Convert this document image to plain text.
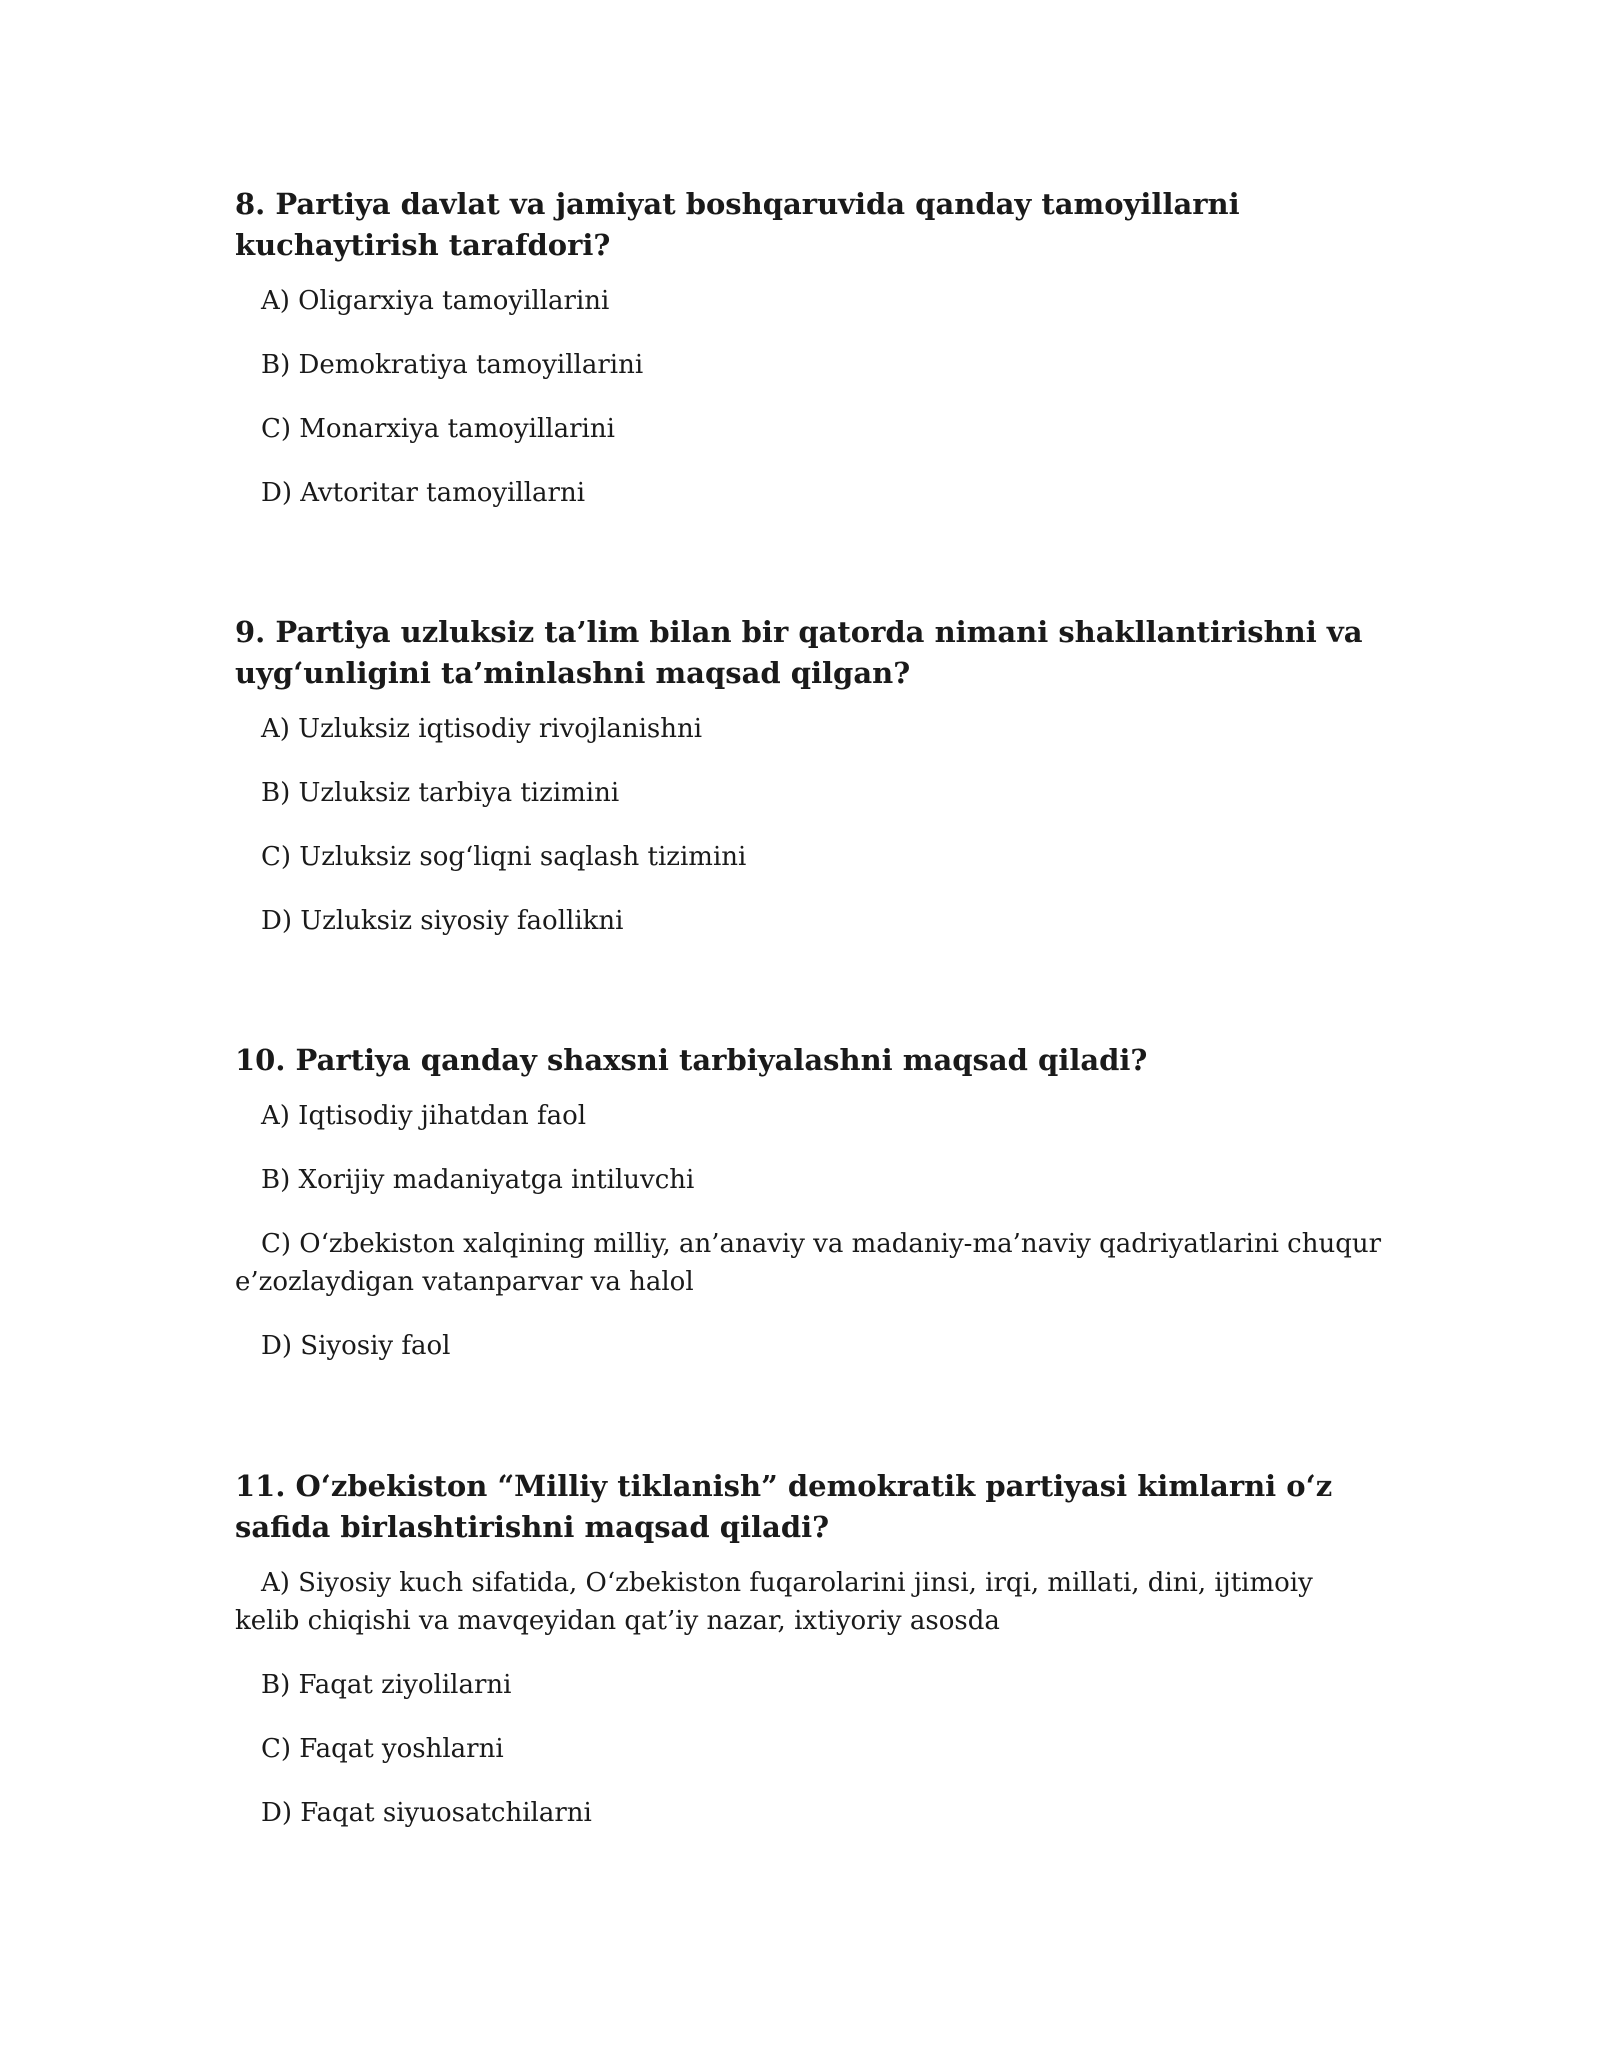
8. Partiya davlat va jamiyat boshqaruvida qanday tamoyillarni kuchaytirish tarafdori?
A) Oligarxiya tamoyillarini
B) Demokratiya tamoyillarini
C) Monarxiya tamoyillarini
D) Avtoritar tamoyillarni
9. Partiya uzluksiz ta’lim bilan bir qatorda nimani shakllantirishni va uyg‘unligini ta’minlashni maqsad qilgan?
A) Uzluksiz iqtisodiy rivojlanishni
B) Uzluksiz tarbiya tizimini
C) Uzluksiz sog‘liqni saqlash tizimini
D) Uzluksiz siyosiy faollikni
10. Partiya qanday shaxsni tarbiyalashni maqsad qiladi?
A) Iqtisodiy jihatdan faol
B) Xorijiy madaniyatga intiluvchi
C) O‘zbekiston xalqining milliy, an’anaviy va madaniy-ma’naviy qadriyatlarini chuqur e’zozlaydigan vatanparvar va halol
D) Siyosiy faol
11. O‘zbekiston “Milliy tiklanish” demokratik partiyasi kimlarni o‘z safida birlashtirishni maqsad qiladi?
A) Siyosiy kuch sifatida, O‘zbekiston fuqarolarini jinsi, irqi, millati, dini, ijtimoiy kelib chiqishi va mavqeyidan qat’iy nazar, ixtiyoriy asosda
B) Faqat ziyolilarni
C) Faqat yoshlarni
D) Faqat siyuosatchilarni
